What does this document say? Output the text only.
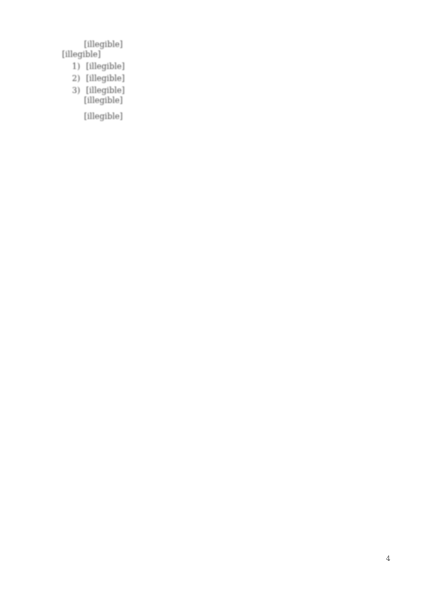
[illegible]

[illegible]

1) [illegible]
2) [illegible]
3) [illegible]

[illegible]

[illegible]

4
